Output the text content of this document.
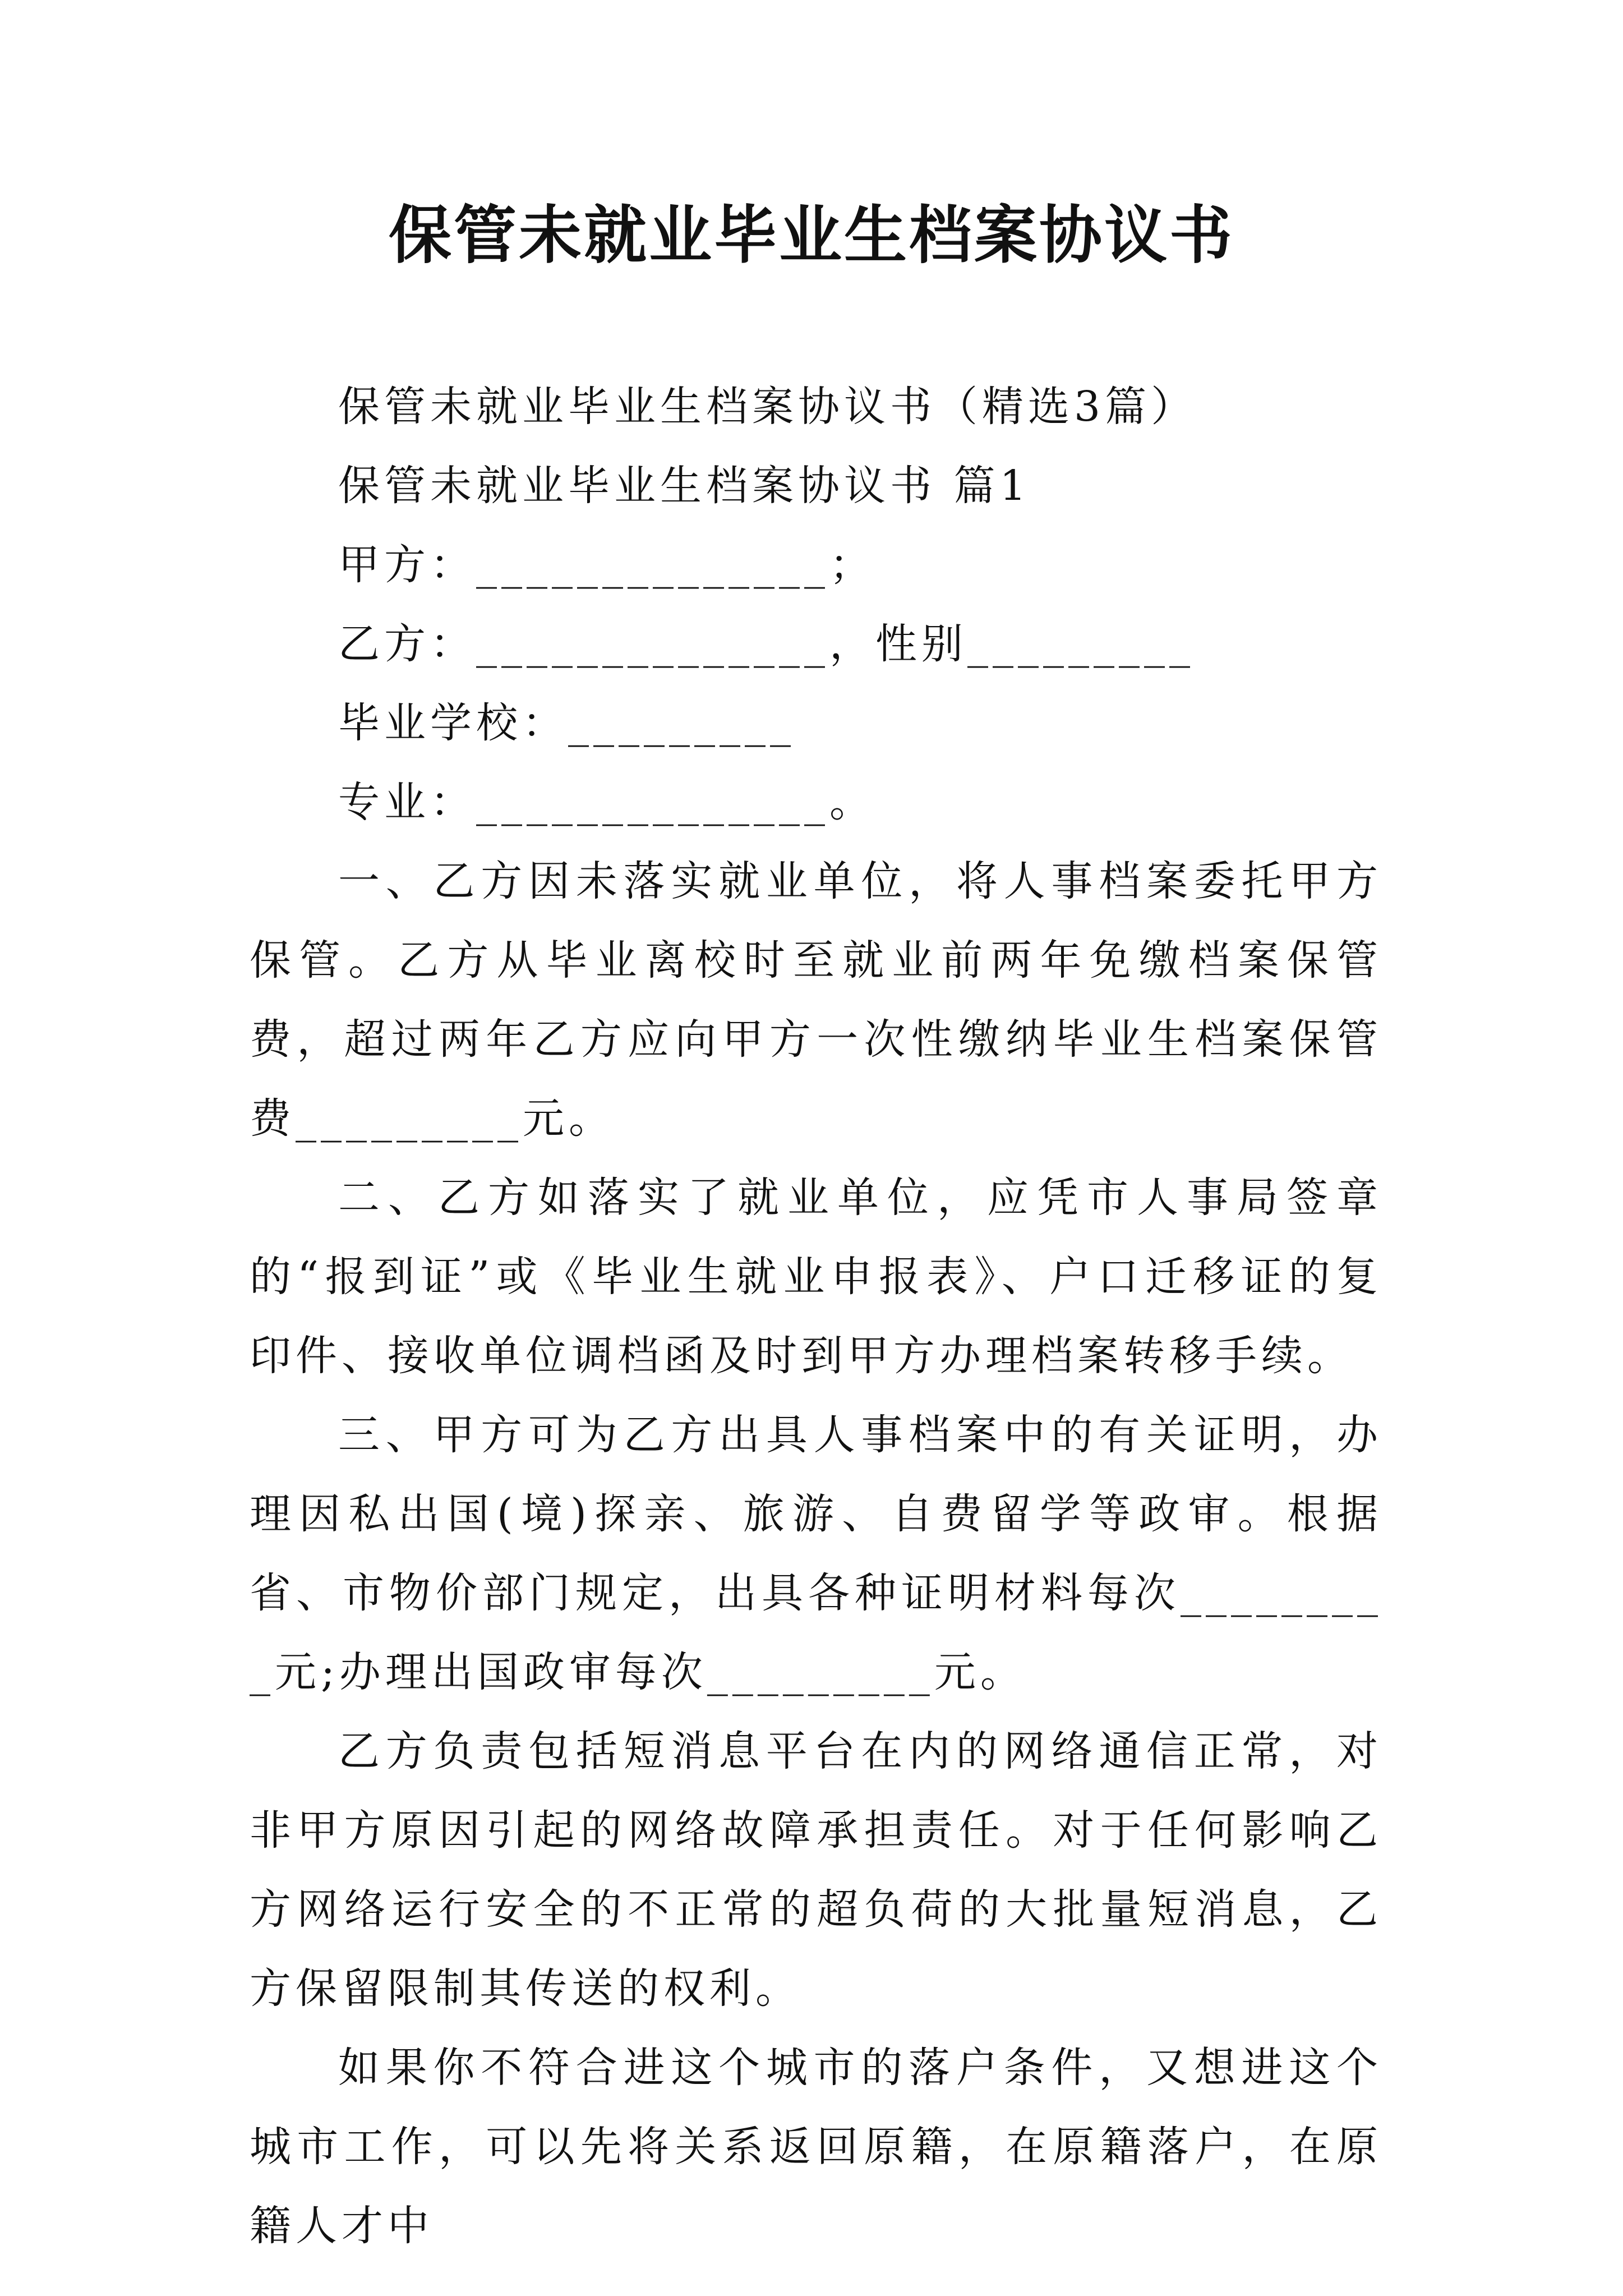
保管未就业毕业生档案协议书

保管未就业毕业生档案协议书（精选3篇）

保管未就业毕业生档案协议书 篇1

甲方：______________；

乙方：______________，性别_________

毕业学校：_________

专业：______________。

一、乙方因未落实就业单位，将人事档案委托甲方保管。乙方从毕业离校时至就业前两年免缴档案保管费，超过两年乙方应向甲方一次性缴纳毕业生档案保管费_________元。

二、乙方如落实了就业单位，应凭市人事局签章的“报到证”或《毕业生就业申报表》、户口迁移证的复印件、接收单位调档函及时到甲方办理档案转移手续。

三、甲方可为乙方出具人事档案中的有关证明，办理因私出国(境)探亲、旅游、自费留学等政审。根据省、市物价部门规定，出具各种证明材料每次_________元;办理出国政审每次_________元。

乙方负责包括短消息平台在内的网络通信正常，对非甲方原因引起的网络故障承担责任。对于任何影响乙方网络运行安全的不正常的超负荷的大批量短消息，乙方保留限制其传送的权利。

如果你不符合进这个城市的落户条件，又想进这个城市工作，可以先将关系返回原籍，在原籍落户，在原籍人才中
